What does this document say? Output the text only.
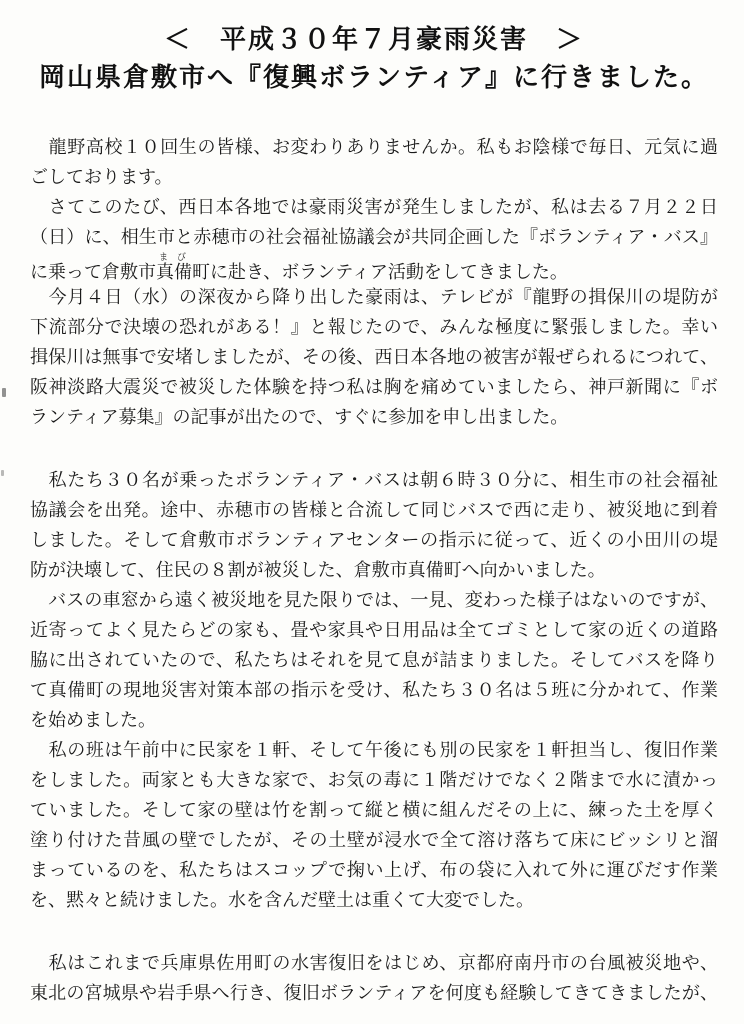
＜　平成３０年７月豪雨災害　＞
岡山県倉敷市へ『復興ボランティア』に行きました。

　龍野高校１０回生の皆様、お変わりありませんか。私もお陰様で毎日、元気に過

ごしております。

　さてこのたび、西日本各地では豪雨災害が発生しましたが、私は去る７月２２日

（日）に、相生市と赤穂市の社会福祉協議会が共同企画した『ボランティア・バス』

に乗って倉敷市真備まび町に赴き、ボランティア活動をしてきました。

　今月４日（水）の深夜から降り出した豪雨は、テレビが『龍野の揖保川の堤防が

下流部分で決壊の恐れがある！』と報じたので、みんな極度に緊張しました。幸い

揖保川は無事で安堵しましたが、その後、西日本各地の被害が報ぜられるにつれて、

阪神淡路大震災で被災した体験を持つ私は胸を痛めていましたら、神戸新聞に『ボ

ランティア募集』の記事が出たので、すぐに参加を申し出ました。

　私たち３０名が乗ったボランティア・バスは朝６時３０分に、相生市の社会福祉

協議会を出発。途中、赤穂市の皆様と合流して同じバスで西に走り、被災地に到着

しました。そして倉敷市ボランティアセンターの指示に従って、近くの小田川の堤

防が決壊して、住民の８割が被災した、倉敷市真備町へ向かいました。

　バスの車窓から遠く被災地を見た限りでは、一見、変わった様子はないのですが、

近寄ってよく見たらどの家も、畳や家具や日用品は全てゴミとして家の近くの道路

脇に出されていたので、私たちはそれを見て息が詰まりました。そしてバスを降り

て真備町の現地災害対策本部の指示を受け、私たち３０名は５班に分かれて、作業

を始めました。

　私の班は午前中に民家を１軒、そして午後にも別の民家を１軒担当し、復旧作業

をしました。両家とも大きな家で、お気の毒に１階だけでなく２階まで水に漬かっ

ていました。そして家の壁は竹を割って縦と横に組んだその上に、練った土を厚く

塗り付けた昔風の壁でしたが、その土壁が浸水で全て溶け落ちて床にビッシリと溜

まっているのを、私たちはスコップで掬い上げ、布の袋に入れて外に運びだす作業

を、黙々と続けました。水を含んだ壁土は重くて大変でした。

　私はこれまで兵庫県佐用町の水害復旧をはじめ、京都府南丹市の台風被災地や、

東北の宮城県や岩手県へ行き、復旧ボランティアを何度も経験してきてきましたが、
